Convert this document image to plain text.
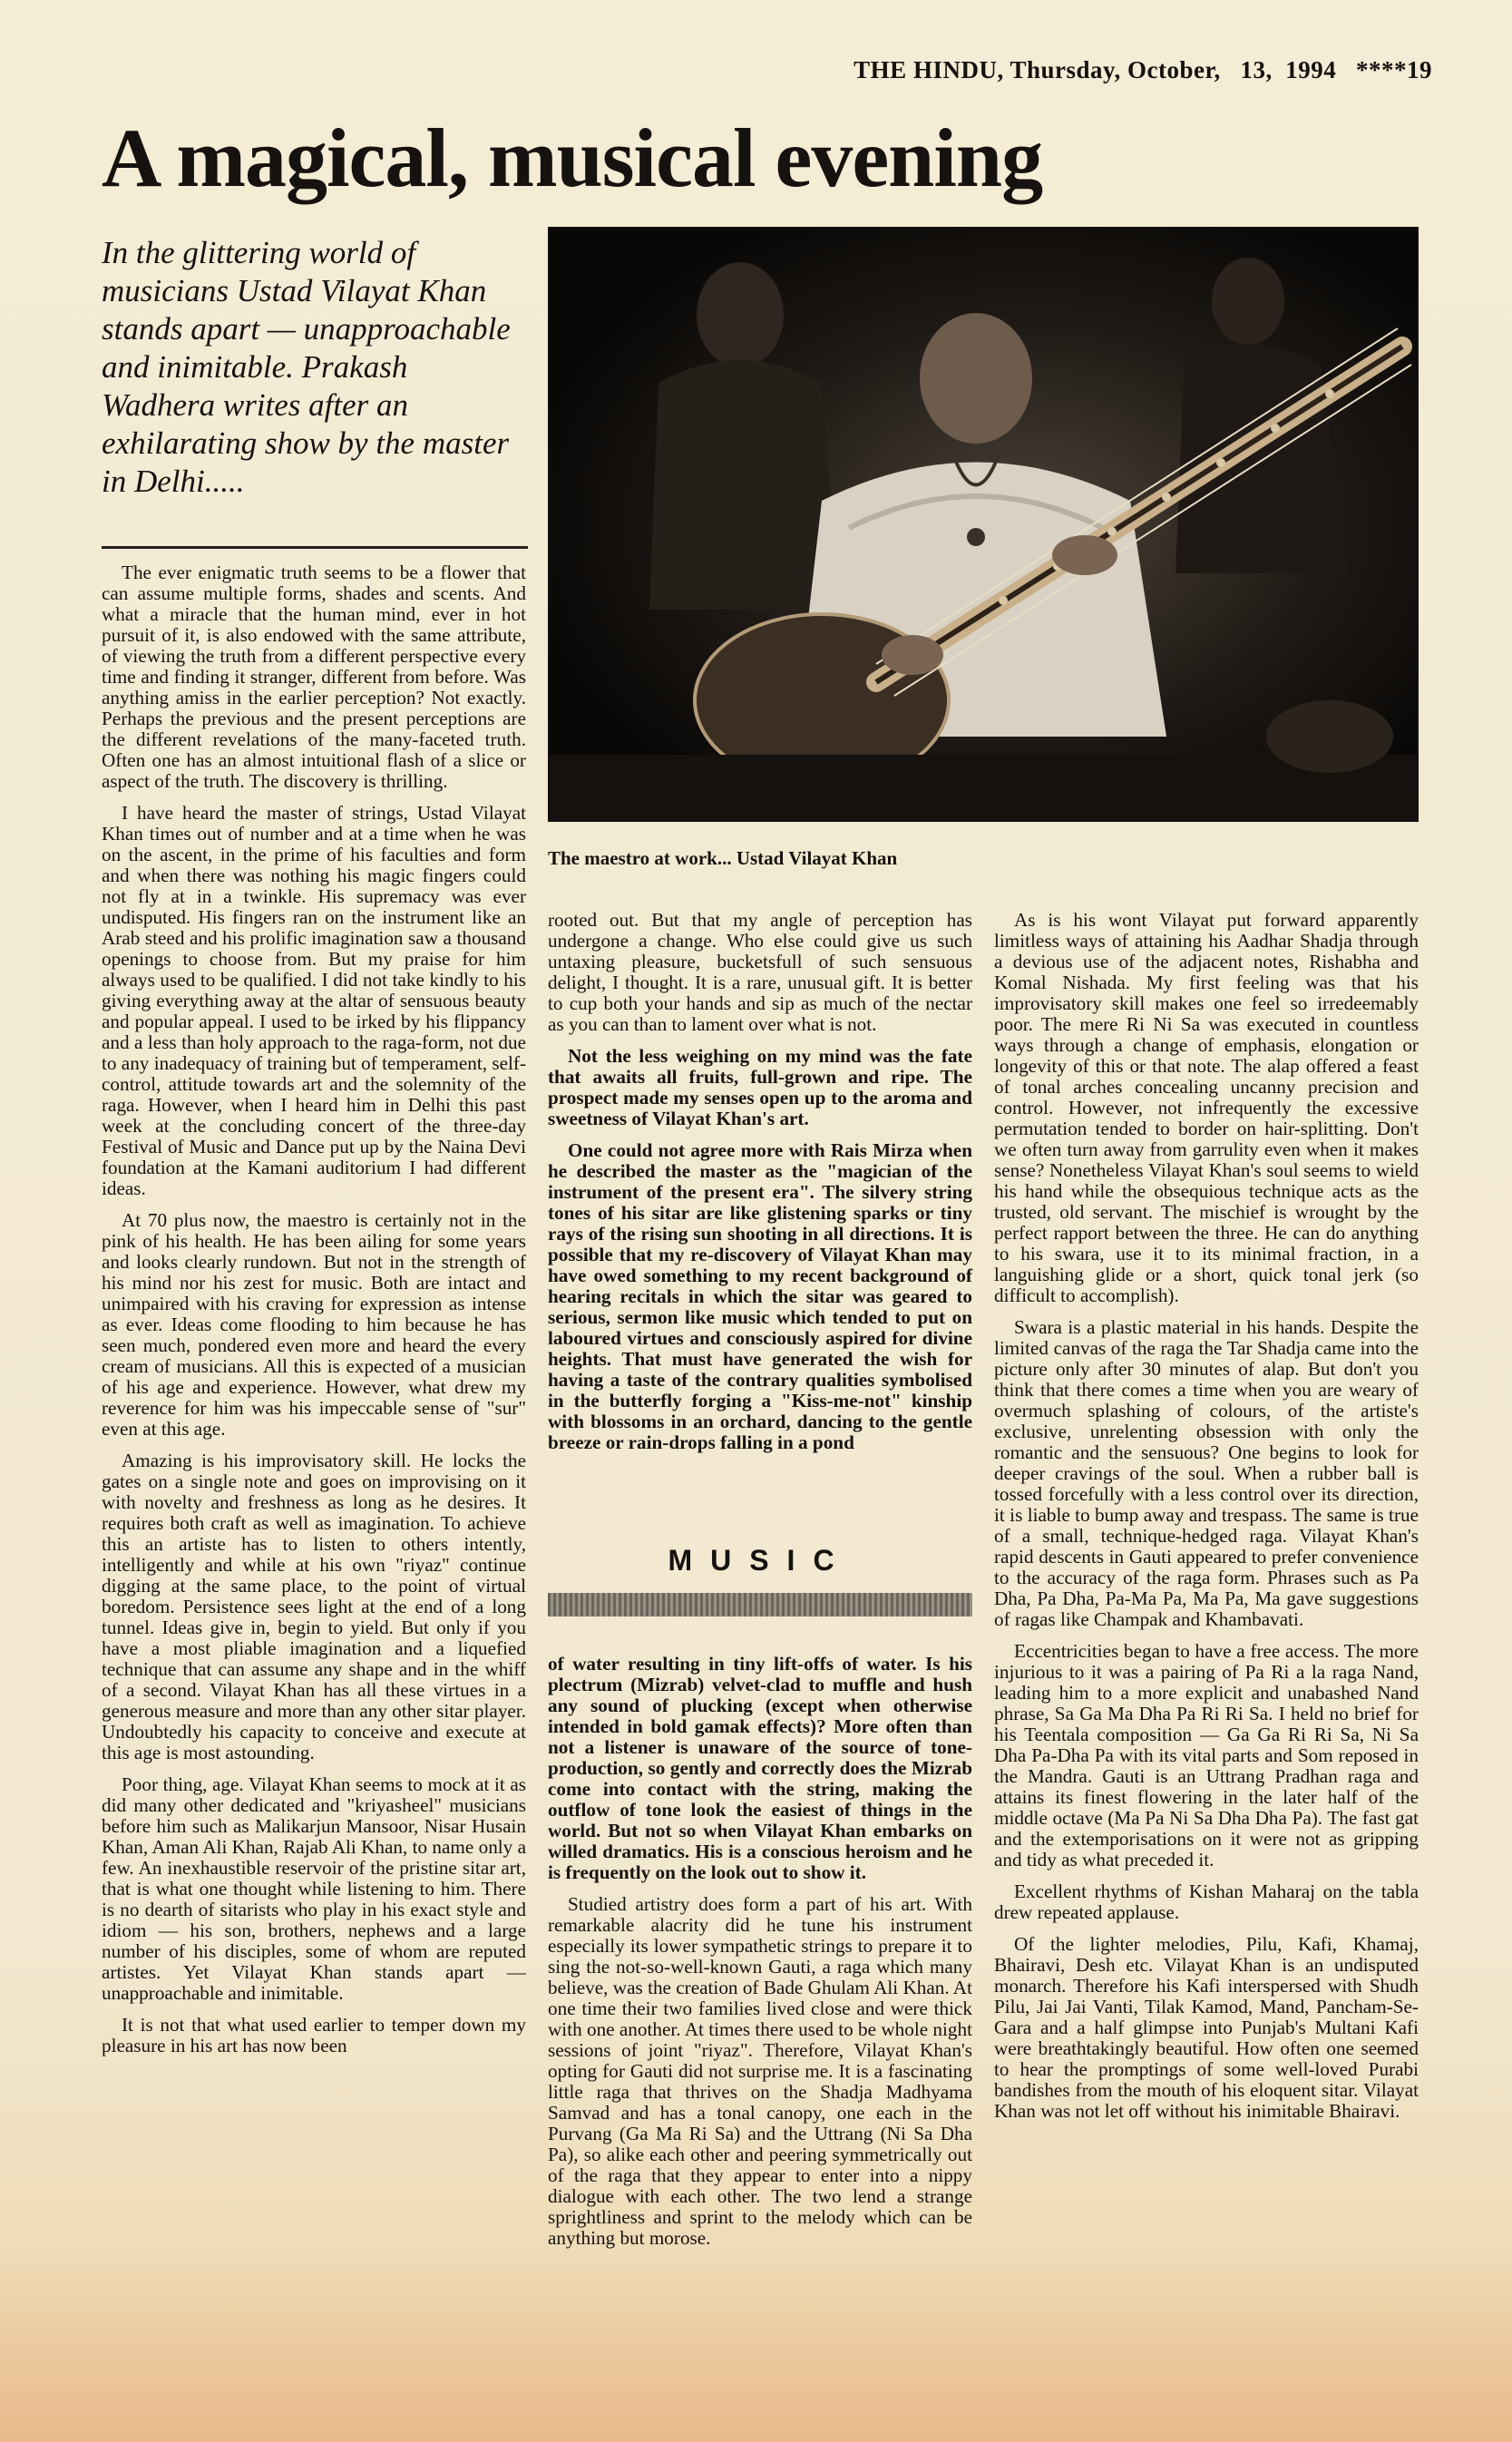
THE HINDU, Thursday, October,   13,  1994   ****19
A magical, musical evening
In the glittering world of musicians Ustad Vilayat Khan stands apart — unapproachable and inimitable. Prakash Wadhera writes after an exhilarating show by the master in Delhi.....
The maestro at work... Ustad Vilayat Khan

The ever enigmatic truth seems to be a flower that can assume multiple forms, shades and scents. And what a miracle that the human mind, ever in hot pursuit of it, is also endowed with the same attribute, of viewing the truth from a different perspective every time and finding it stranger, different from before. Was anything amiss in the earlier perception? Not exactly. Perhaps the previous and the present perceptions are the different revelations of the many-faceted truth. Often one has an almost intuitional flash of a slice or aspect of the truth. The discovery is thrilling.

I have heard the master of strings, Ustad Vilayat Khan times out of number and at a time when he was on the ascent, in the prime of his faculties and form and when there was nothing his magic fingers could not fly at in a twinkle. His supremacy was ever undisputed. His fingers ran on the instrument like an Arab steed and his prolific imagination saw a thousand openings to choose from. But my praise for him always used to be qualified. I did not take kindly to his giving everything away at the altar of sensuous beauty and popular appeal. I used to be irked by his flippancy and a less than holy approach to the raga-form, not due to any inadequacy of training but of temperament, self-control, attitude towards art and the solemnity of the raga. However, when I heard him in Delhi this past week at the concluding concert of the three-day Festival of Music and Dance put up by the Naina Devi foundation at the Kamani auditorium I had different ideas.

At 70 plus now, the maestro is certainly not in the pink of his health. He has been ailing for some years and looks clearly rundown. But not in the strength of his mind nor his zest for music. Both are intact and unimpaired with his craving for expression as intense as ever. Ideas come flooding to him because he has seen much, pondered even more and heard the every cream of musicians. All this is expected of a musician of his age and experience. However, what drew my reverence for him was his impeccable sense of "sur" even at this age.

Amazing is his improvisatory skill. He locks the gates on a single note and goes on improvising on it with novelty and freshness as long as he desires. It requires both craft as well as imagination. To achieve this an artiste has to listen to others intently, intelligently and while at his own "riyaz" continue digging at the same place, to the point of virtual boredom. Persistence sees light at the end of a long tunnel. Ideas give in, begin to yield. But only if you have a most pliable imagination and a liquefied technique that can assume any shape and in the whiff of a second. Vilayat Khan has all these virtues in a generous measure and more than any other sitar player. Undoubtedly his capacity to conceive and execute at this age is most astounding.

Poor thing, age. Vilayat Khan seems to mock at it as did many other dedicated and "kriyasheel" musicians before him such as Malikarjun Mansoor, Nisar Husain Khan, Aman Ali Khan, Rajab Ali Khan, to name only a few. An inexhaustible reservoir of the pristine sitar art, that is what one thought while listening to him. There is no dearth of sitarists who play in his exact style and idiom — his son, brothers, nephews and a large number of his disciples, some of whom are reputed artistes. Yet Vilayat Khan stands apart — unapproachable and inimitable.

It is not that what used earlier to temper down my pleasure in his art has now been

rooted out. But that my angle of perception has undergone a change. Who else could give us such untaxing pleasure, bucketsfull of such sensuous delight, I thought. It is a rare, unusual gift. It is better to cup both your hands and sip as much of the nectar as you can than to lament over what is not.

Not the less weighing on my mind was the fate that awaits all fruits, full-grown and ripe. The prospect made my senses open up to the aroma and sweetness of Vilayat Khan's art.

One could not agree more with Rais Mirza when he described the master as the "magician of the instrument of the present era". The silvery string tones of his sitar are like glistening sparks or tiny rays of the rising sun shooting in all directions. It is possible that my re-discovery of Vilayat Khan may have owed something to my recent background of hearing recitals in which the sitar was geared to serious, sermon like music which tended to put on laboured virtues and consciously aspired for divine heights. That must have generated the wish for having a taste of the contrary qualities symbolised in the butterfly forging a "Kiss-me-not" kinship with blossoms in an orchard, dancing to the gentle breeze or rain-drops falling in a pond

MUSIC

of water resulting in tiny lift-offs of water. Is his plectrum (Mizrab) velvet-clad to muffle and hush any sound of plucking (except when otherwise intended in bold gamak effects)? More often than not a listener is unaware of the source of tone-production, so gently and correctly does the Mizrab come into contact with the string, making the outflow of tone look the easiest of things in the world. But not so when Vilayat Khan embarks on willed dramatics. His is a conscious heroism and he is frequently on the look out to show it.

Studied artistry does form a part of his art. With remarkable alacrity did he tune his instrument especially its lower sympathetic strings to prepare it to sing the not-so-well-known Gauti, a raga which many believe, was the creation of Bade Ghulam Ali Khan. At one time their two families lived close and were thick with one another. At times there used to be whole night sessions of joint "riyaz". Therefore, Vilayat Khan's opting for Gauti did not surprise me. It is a fascinating little raga that thrives on the Shadja Madhyama Samvad and has a tonal canopy, one each in the Purvang (Ga Ma Ri Sa) and the Uttrang (Ni Sa Dha Pa), so alike each other and peering symmetrically out of the raga that they appear to enter into a nippy dialogue with each other. The two lend a strange sprightliness and sprint to the melody which can be anything but morose.

As is his wont Vilayat put forward apparently limitless ways of attaining his Aadhar Shadja through a devious use of the adjacent notes, Rishabha and Komal Nishada. My first feeling was that his improvisatory skill makes one feel so irredeemably poor. The mere Ri Ni Sa was executed in countless ways through a change of emphasis, elongation or longevity of this or that note. The alap offered a feast of tonal arches concealing uncanny precision and control. However, not infrequently the excessive permutation tended to border on hair-splitting. Don't we often turn away from garrulity even when it makes sense? Nonetheless Vilayat Khan's soul seems to wield his hand while the obsequious technique acts as the trusted, old servant. The mischief is wrought by the perfect rapport between the three. He can do anything to his swara, use it to its minimal fraction, in a languishing glide or a short, quick tonal jerk (so difficult to accomplish).

Swara is a plastic material in his hands. Despite the limited canvas of the raga the Tar Shadja came into the picture only after 30 minutes of alap. But don't you think that there comes a time when you are weary of overmuch splashing of colours, of the artiste's exclusive, unrelenting obsession with only the romantic and the sensuous? One begins to look for deeper cravings of the soul. When a rubber ball is tossed forcefully with a less control over its direction, it is liable to bump away and trespass. The same is true of a small, technique-hedged raga. Vilayat Khan's rapid descents in Gauti appeared to prefer convenience to the accuracy of the raga form. Phrases such as Pa Dha, Pa Dha, Pa-Ma Pa, Ma Pa, Ma gave suggestions of ragas like Champak and Khambavati.

Eccentricities began to have a free access. The more injurious to it was a pairing of Pa Ri a la raga Nand, leading him to a more explicit and unabashed Nand phrase, Sa Ga Ma Dha Pa Ri Ri Sa. I held no brief for his Teentala composition — Ga Ga Ri Ri Sa, Ni Sa Dha Pa-Dha Pa with its vital parts and Som reposed in the Mandra. Gauti is an Uttrang Pradhan raga and attains its finest flowering in the later half of the middle octave (Ma Pa Ni Sa Dha Dha Pa). The fast gat and the extemporisations on it were not as gripping and tidy as what preceded it.

Excellent rhythms of Kishan Maharaj on the tabla drew repeated applause.

Of the lighter melodies, Pilu, Kafi, Khamaj, Bhairavi, Desh etc. Vilayat Khan is an undisputed monarch. Therefore his Kafi interspersed with Shudh Pilu, Jai Jai Vanti, Tilak Kamod, Mand, Pancham-Se-Gara and a half glimpse into Punjab's Multani Kafi were breathtakingly beautiful. How often one seemed to hear the promptings of some well-loved Purabi bandishes from the mouth of his eloquent sitar. Vilayat Khan was not let off without his inimitable Bhairavi.
